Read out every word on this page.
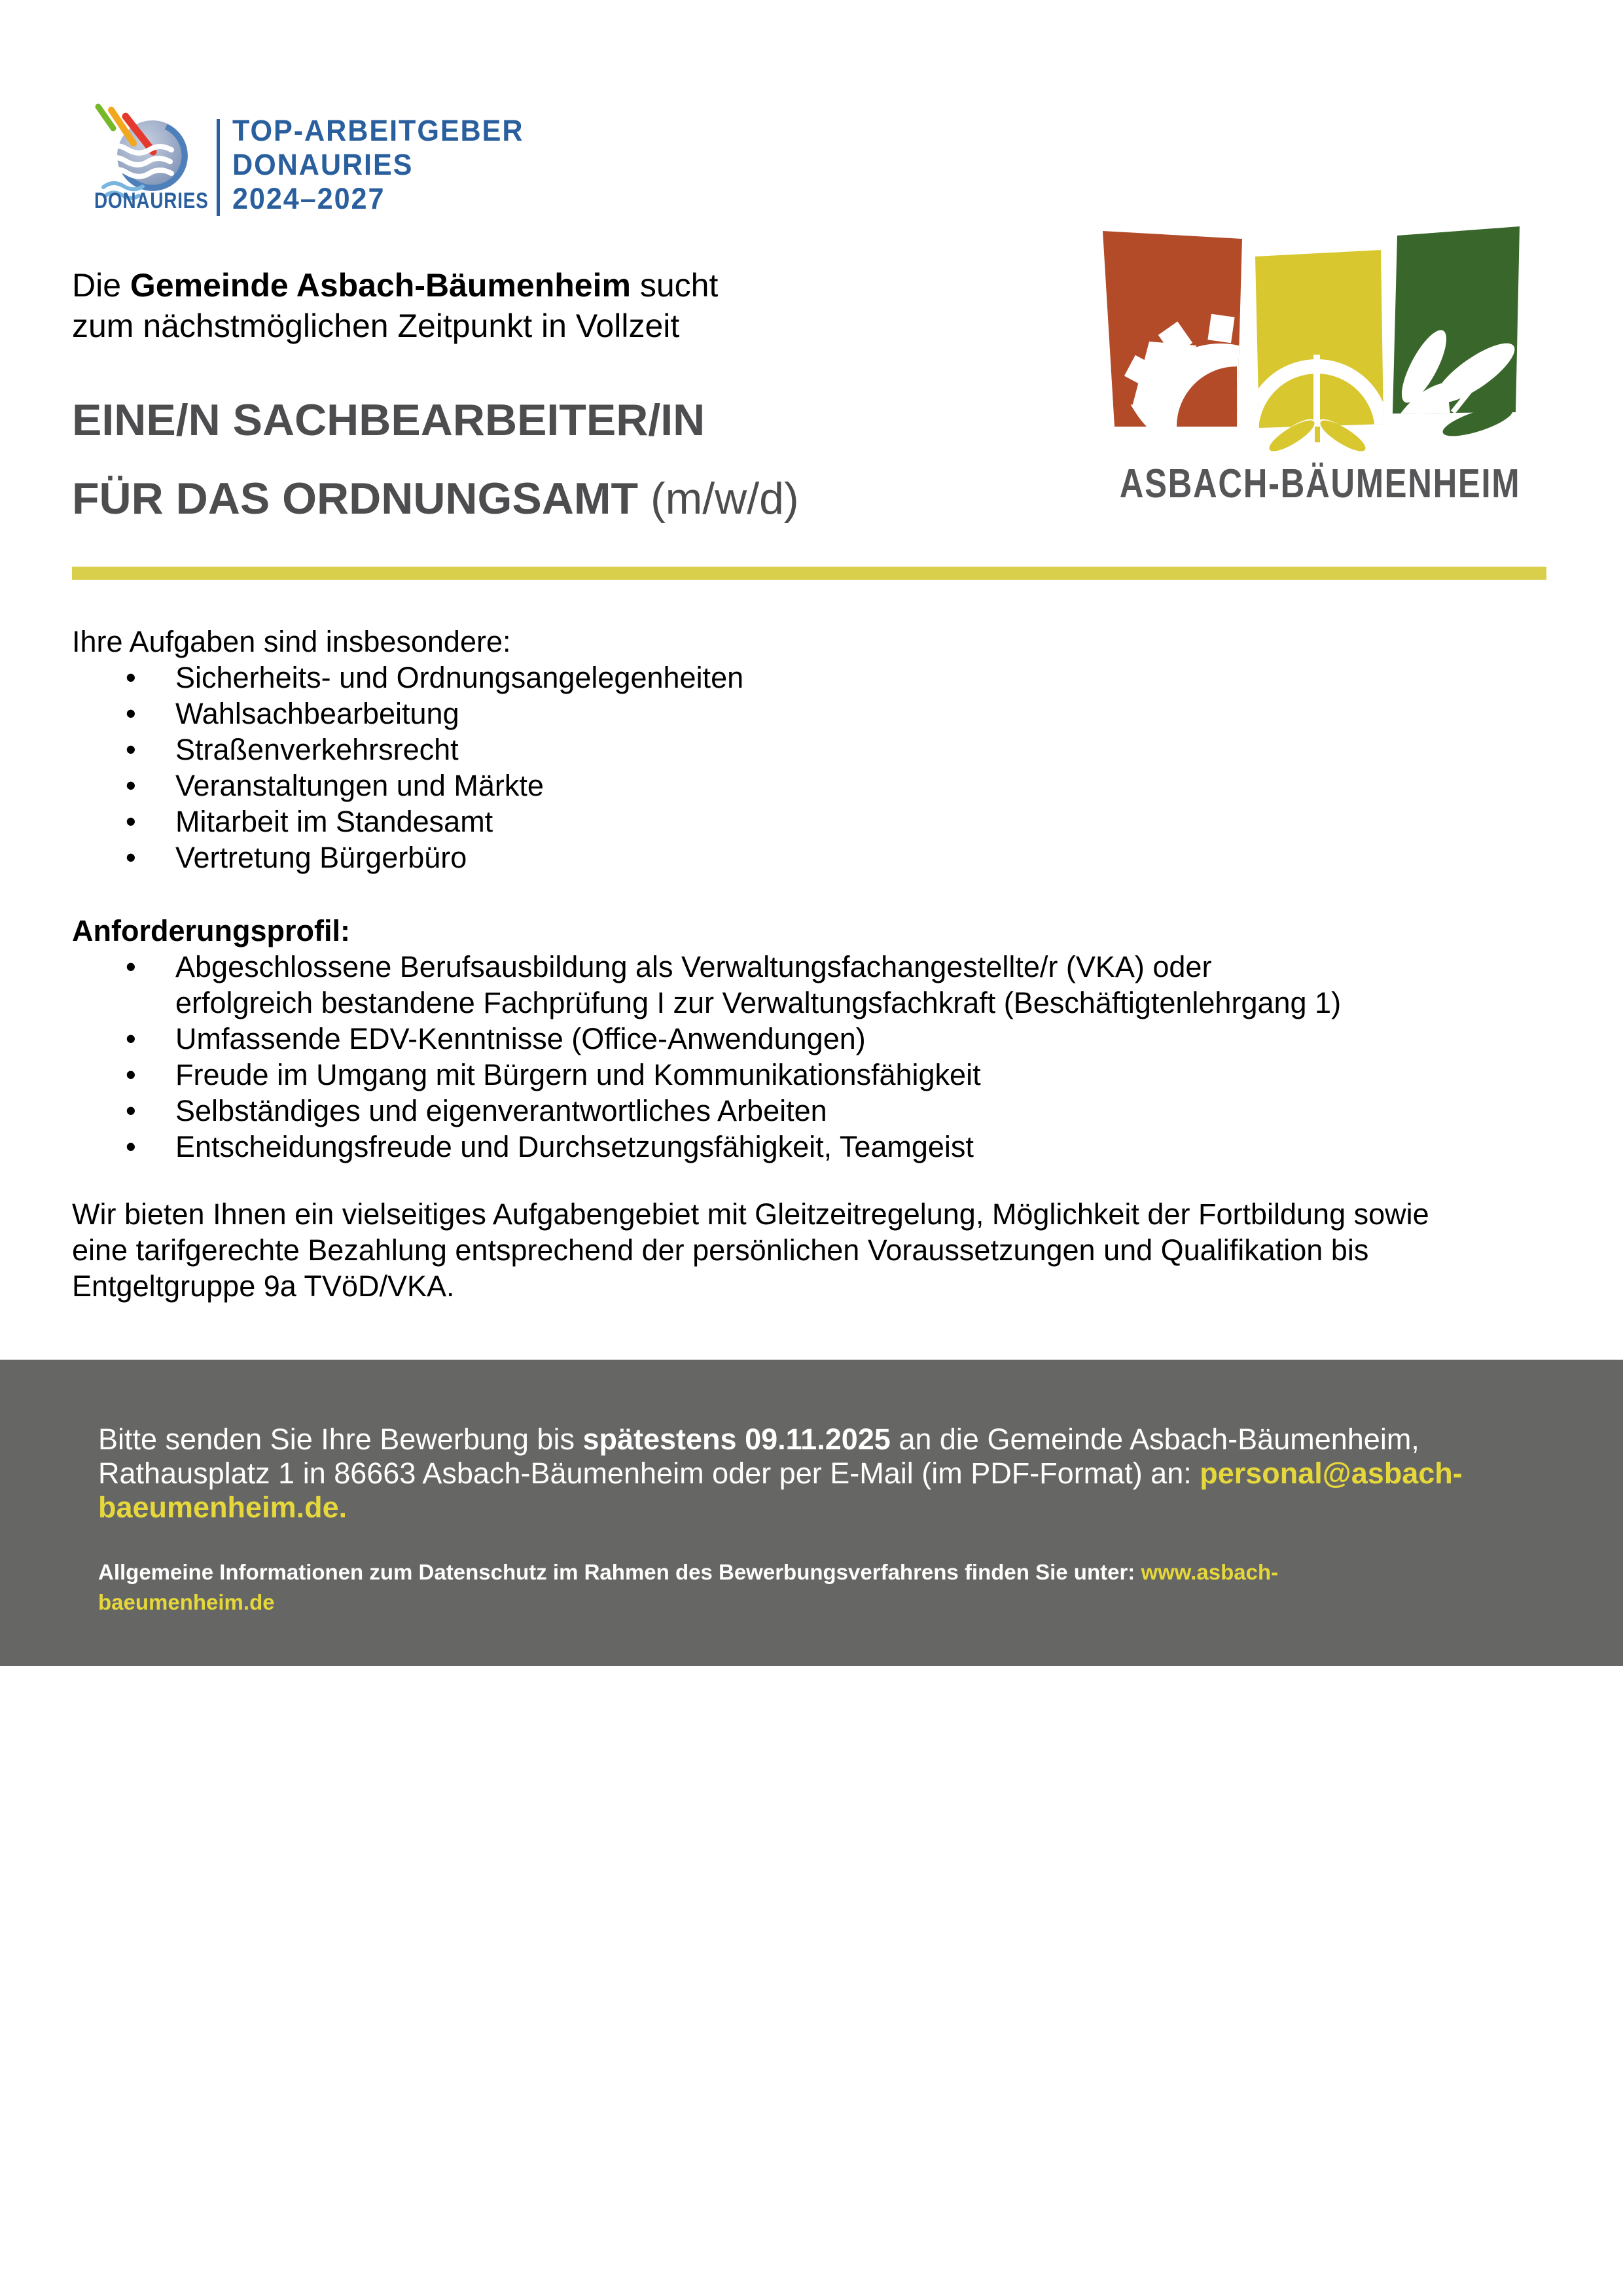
DONAURIES
TOP-ARBEITGEBER
DONAURIES
2024–2027
Die Gemeinde Asbach-Bäumenheim sucht
zum nächstmöglichen Zeitpunkt in Vollzeit
EINE/N SACHBEARBEITER/IN
FÜR DAS ORDNUNGSAMT (m/w/d)	ASBACH-BÄUMENHEIM
Ihre Aufgaben sind insbesondere:
• Sicherheits- und Ordnungsangelegenheiten
• Wahlsachbearbeitung
• Straßenverkehrsrecht
• Veranstaltungen und Märkte
• Mitarbeit im Standesamt
• Vertretung Bürgerbüro
Anforderungsprofil:
• Abgeschlossene Berufsausbildung als Verwaltungsfachangestellte/r (VKA) oder
erfolgreich bestandene Fachprüfung I zur Verwaltungsfachkraft (Beschäftigtenlehrgang 1)
• Umfassende EDV-Kenntnisse (Office-Anwendungen)
• Freude im Umgang mit Bürgern und Kommunikationsfähigkeit
• Selbständiges und eigenverantwortliches Arbeiten
• Entscheidungsfreude und Durchsetzungsfähigkeit, Teamgeist
Wir bieten Ihnen ein vielseitiges Aufgabengebiet mit Gleitzeitregelung, Möglichkeit der Fortbildung sowie
eine tarifgerechte Bezahlung entsprechend der persönlichen Voraussetzungen und Qualifikation bis
Entgeltgruppe 9a TVöD/VKA.
Bitte senden Sie Ihre Bewerbung bis spätestens 09.11.2025 an die Gemeinde Asbach-Bäumenheim,
Rathausplatz 1 in 86663 Asbach-Bäumenheim oder per E-Mail (im PDF-Format) an: personal@asbach-
baeumenheim.de.
Allgemeine Informationen zum Datenschutz im Rahmen des Bewerbungsverfahrens finden Sie unter: www.asbach-
baeumenheim.de
